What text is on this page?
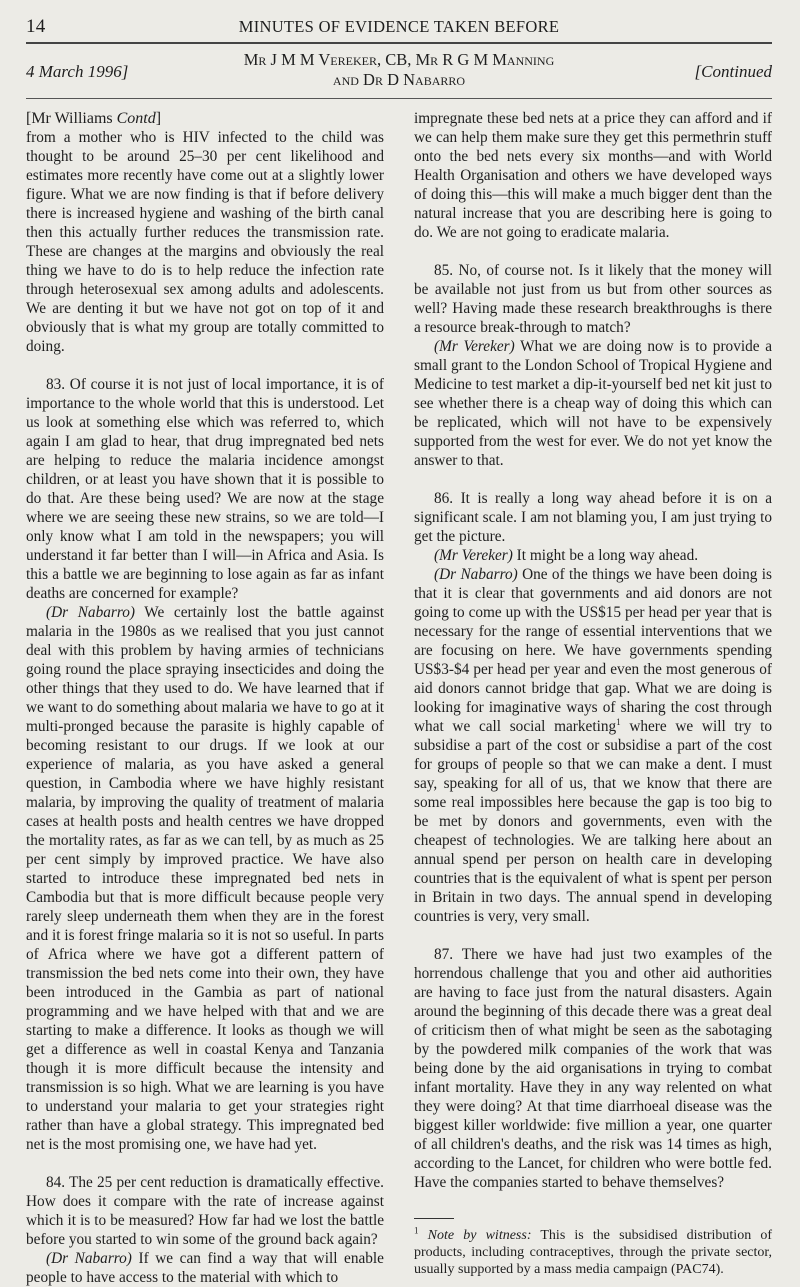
14	MINUTES OF EVIDENCE TAKEN BEFORE
4 March 1996]
Mr J M M Vereker, CB, Mr R G M Manning
and Dr D Nabarro	[Continued
[Mr Williams Contd]

from a mother who is HIV infected to the child was thought to be around 25–30 per cent likelihood and estimates more recently have come out at a slightly lower figure. What we are now finding is that if before delivery there is increased hygiene and washing of the birth canal then this actually further reduces the transmission rate. These are changes at the margins and obviously the real thing we have to do is to help reduce the infection rate through heterosexual sex among adults and adolescents. We are denting it but we have not got on top of it and obviously that is what my group are totally committed to doing.

83. Of course it is not just of local importance, it is of importance to the whole world that this is understood. Let us look at something else which was referred to, which again I am glad to hear, that drug impregnated bed nets are helping to reduce the malaria incidence amongst children, or at least you have shown that it is possible to do that. Are these being used? We are now at the stage where we are seeing these new strains, so we are told—I only know what I am told in the newspapers; you will understand it far better than I will—in Africa and Asia. Is this a battle we are beginning to lose again as far as infant deaths are concerned for example?

(Dr Nabarro) We certainly lost the battle against malaria in the 1980s as we realised that you just cannot deal with this problem by having armies of technicians going round the place spraying insecticides and doing the other things that they used to do. We have learned that if we want to do something about malaria we have to go at it multi-pronged because the parasite is highly capable of becoming resistant to our drugs. If we look at our experience of malaria, as you have asked a general question, in Cambodia where we have highly resistant malaria, by improving the quality of treatment of malaria cases at health posts and health centres we have dropped the mortality rates, as far as we can tell, by as much as 25 per cent simply by improved practice. We have also started to introduce these impregnated bed nets in Cambodia but that is more difficult because people very rarely sleep underneath them when they are in the forest and it is forest fringe malaria so it is not so useful. In parts of Africa where we have got a different pattern of transmission the bed nets come into their own, they have been introduced in the Gambia as part of national programming and we have helped with that and we are starting to make a difference. It looks as though we will get a difference as well in coastal Kenya and Tanzania though it is more difficult because the intensity and transmission is so high. What we are learning is you have to understand your malaria to get your strategies right rather than have a global strategy. This impregnated bed net is the most promising one, we have had yet.

84. The 25 per cent reduction is dramatically effective. How does it compare with the rate of increase against which it is to be measured? How far had we lost the battle before you started to win some of the ground back again?

(Dr Nabarro) If we can find a way that will enable people to have access to the material with which to

impregnate these bed nets at a price they can afford and if we can help them make sure they get this permethrin stuff onto the bed nets every six months—and with World Health Organisation and others we have developed ways of doing this—this will make a much bigger dent than the natural increase that you are describing here is going to do. We are not going to eradicate malaria.

85. No, of course not. Is it likely that the money will be available not just from us but from other sources as well? Having made these research breakthroughs is there a resource break-through to match?

(Mr Vereker) What we are doing now is to provide a small grant to the London School of Tropical Hygiene and Medicine to test market a dip-it-yourself bed net kit just to see whether there is a cheap way of doing this which can be replicated, which will not have to be expensively supported from the west for ever. We do not yet know the answer to that.

86. It is really a long way ahead before it is on a significant scale. I am not blaming you, I am just trying to get the picture.

(Mr Vereker) It might be a long way ahead.

(Dr Nabarro) One of the things we have been doing is that it is clear that governments and aid donors are not going to come up with the US$15 per head per year that is necessary for the range of essential interventions that we are focusing on here. We have governments spending US$3-$4 per head per year and even the most generous of aid donors cannot bridge that gap. What we are doing is looking for imaginative ways of sharing the cost through what we call social marketing$^1$ where we will try to subsidise a part of the cost or subsidise a part of the cost for groups of people so that we can make a dent. I must say, speaking for all of us, that we know that there are some real impossibles here because the gap is too big to be met by donors and governments, even with the cheapest of technologies. We are talking here about an annual spend per person on health care in developing countries that is the equivalent of what is spent per person in Britain in two days. The annual spend in developing countries is very, very small.

87. There we have had just two examples of the horrendous challenge that you and other aid authorities are having to face just from the natural disasters. Again around the beginning of this decade there was a great deal of criticism then of what might be seen as the sabotaging by the powdered milk companies of the work that was being done by the aid organisations in trying to combat infant mortality. Have they in any way relented on what they were doing? At that time diarrhoeal disease was the biggest killer worldwide: five million a year, one quarter of all children's deaths, and the risk was 14 times as high, according to the Lancet, for children who were bottle fed. Have the companies started to behave themselves?

$^1$ Note by witness: This is the subsidised distribution of products, including contraceptives, through the private sector, usually supported by a mass media campaign (PAC74).
